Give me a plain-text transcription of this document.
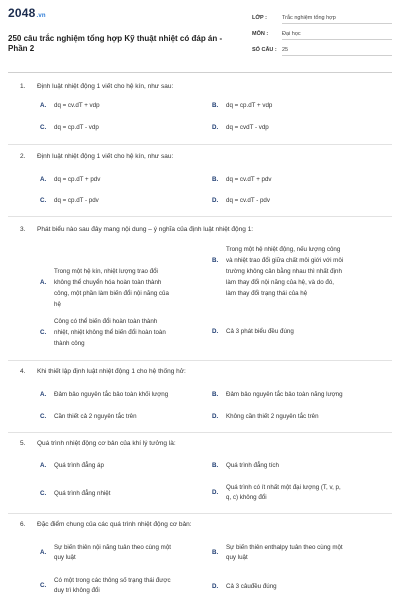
2048.vn
250 câu trắc nghiệm tổng hợp Kỹ thuật nhiệt có đáp án - Phần 2
LỚP :	Trắc nghiệm tổng hợp
MÔN :	Đại học
SỐ CÂU : 25
1. Định luật nhiệt động 1 viết cho hệ kín, như sau:
A. dq = cv.dT + vdp	B. dq = cp.dT + vdp
C. dq = cp.dT - vdp	D. dq = cvdT - vdp
2. Định luật nhiệt động 1 viết cho hệ kín, như sau:
A. dq = cp.dT + pdv	B. dq = cv.dT + pdv
C. dq = cp.dT - pdv	D. dq = cv.dT - pdv
3. Phát biểu nào sau đây mang nội dung – ý nghĩa của định luật nhiệt động 1:
A.
Trong một hệ kín, nhiệt lượng trao đổi
không thể chuyển hóa hoàn toàn thành
công, một phần làm biến đổi nội năng của
hệ
B.
Trong một hệ nhiệt động, nếu lượng công
và nhiệt trao đổi giữa chất môi giới với môi
trường không cân bằng nhau thì nhất định
làm thay đổi nội năng của hệ, và do đó,
làm thay đổi trạng thái của hệ
C.
Công có thể biến đổi hoàn toàn thành
nhiệt, nhiệt không thể biến đổi hoàn toàn
thành công
D. Cả 3 phát biểu đều đúng
4. Khi thiết lập định luật nhiệt động 1 cho hệ thống hở:
A. Đảm bảo nguyên tắc bảo toàn khối lượng	B. Đảm bảo nguyên tắc bảo toàn năng lượng
C. Cần thiết cả 2 nguyên tắc trên	D. Không cần thiết 2 nguyên tắc trên
5. Quá trình nhiệt động cơ bản của khí lý tưởng là:
A. Quá trình đẳng áp	B. Quá trình đẳng tích
C. Quá trình đẳng nhiệt	D.
Quá trình có ít nhất một đại lượng (T, v, p,
q, c) không đổi
6. Đặc điểm chung của các quá trình nhiệt động cơ bản:
A.
Sự biến thiên nội năng tuân theo cùng một
quy luật
B.
Sự biến thiên enthalpy tuân theo cùng một
quy luật
C.
Có một trong các thông số trạng thái được
duy trì không đổi
D. Cả 3 câuđều đúng
